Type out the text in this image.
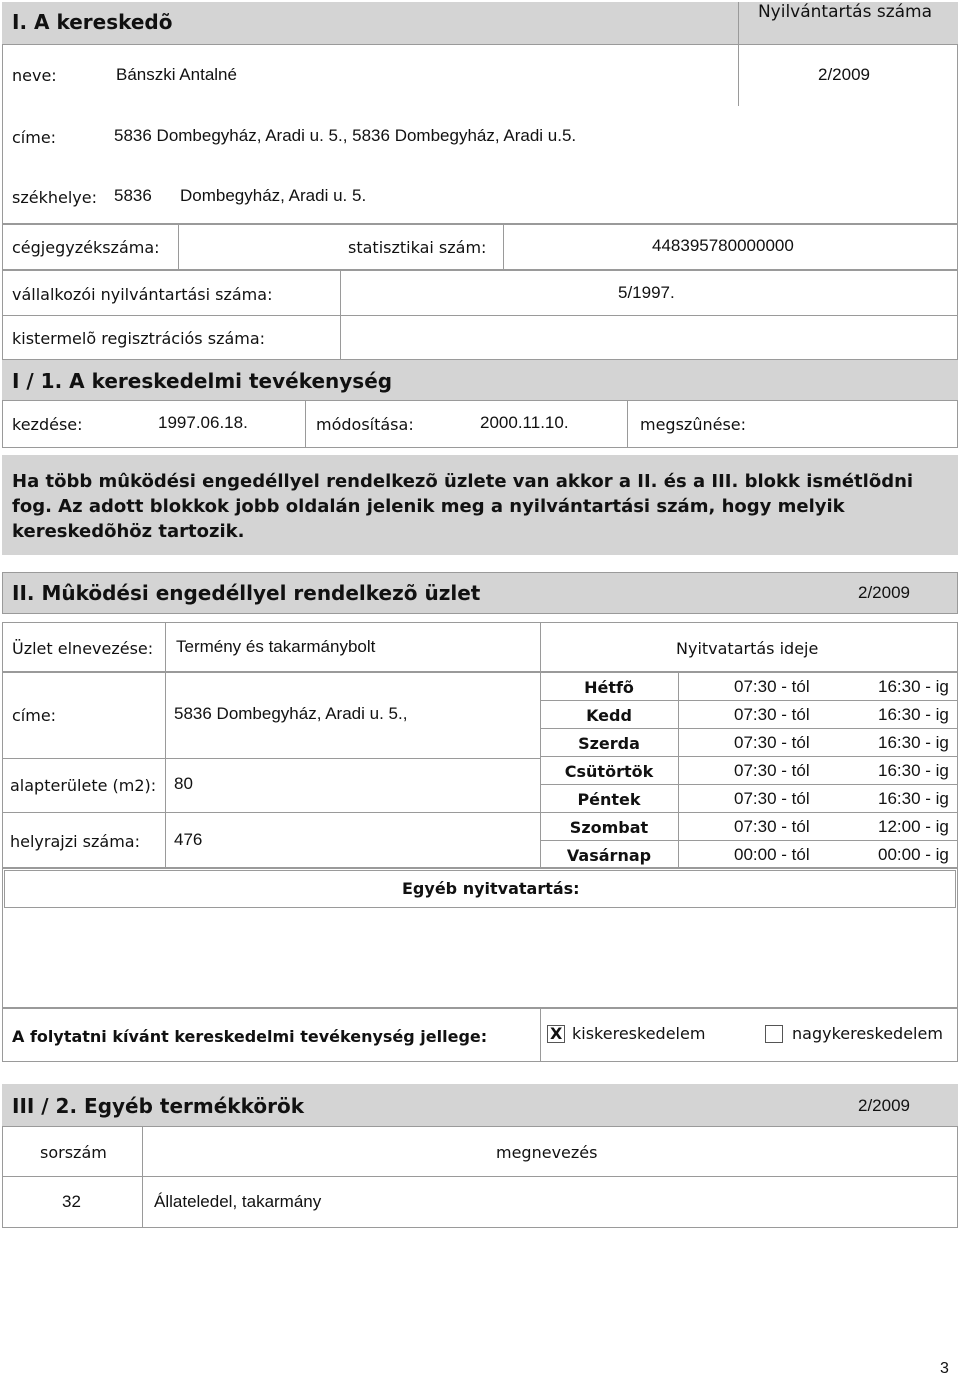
I. A kereskedõ	Nyilvántartás száma
neve:	Bánszki Antalné	2/2009
címe:	5836 Dombegyház, Aradi u. 5., 5836 Dombegyház, Aradi u.5.
székhelye: 5836 Dombegyház, Aradi u. 5.
cégjegyzékszáma:	statisztikai szám:	448395780000000
vállalkozói nyilvántartási száma:	5/1997.
kistermelõ regisztrációs száma:
I / 1. A kereskedelmi tevékenység
kezdése:	1997.06.18.	módosítása:	2000.11.10.	megszûnése:
Ha több mûködési engedéllyel rendelkezõ üzlete van akkor a II. és a III. blokk ismétlõdni
fog. Az adott blokkok jobb oldalán jelenik meg a nyilvántartási szám, hogy melyik
kereskedõhöz tartozik.
II. Mûködési engedéllyel rendelkezõ üzlet	2/2009
Üzlet elnevezése: Termény és takarmánybolt	Nyitvatartás ideje
címe:	5836 Dombegyház, Aradi u. 5.,
alapterülete (m2): 80
helyrajzi száma: 476
Hétfõ	07:30 - tól	16:30 - ig
Kedd	07:30 - tól	16:30 - ig
Szerda	07:30 - tól	16:30 - ig
Csütörtök	07:30 - tól	16:30 - ig
Péntek	07:30 - tól	16:30 - ig
Szombat	07:30 - tól	12:00 - ig
Vasárnap	00:00 - tól	00:00 - ig
Egyéb nyitvatartás:
A folytatni kívánt kereskedelmi tevékenység jellege:	X kiskereskedelem	nagykereskedelem
III / 2. Egyéb termékkörök	2/2009
sorszám	megnevezés
32	Állateledel, takarmány
3
